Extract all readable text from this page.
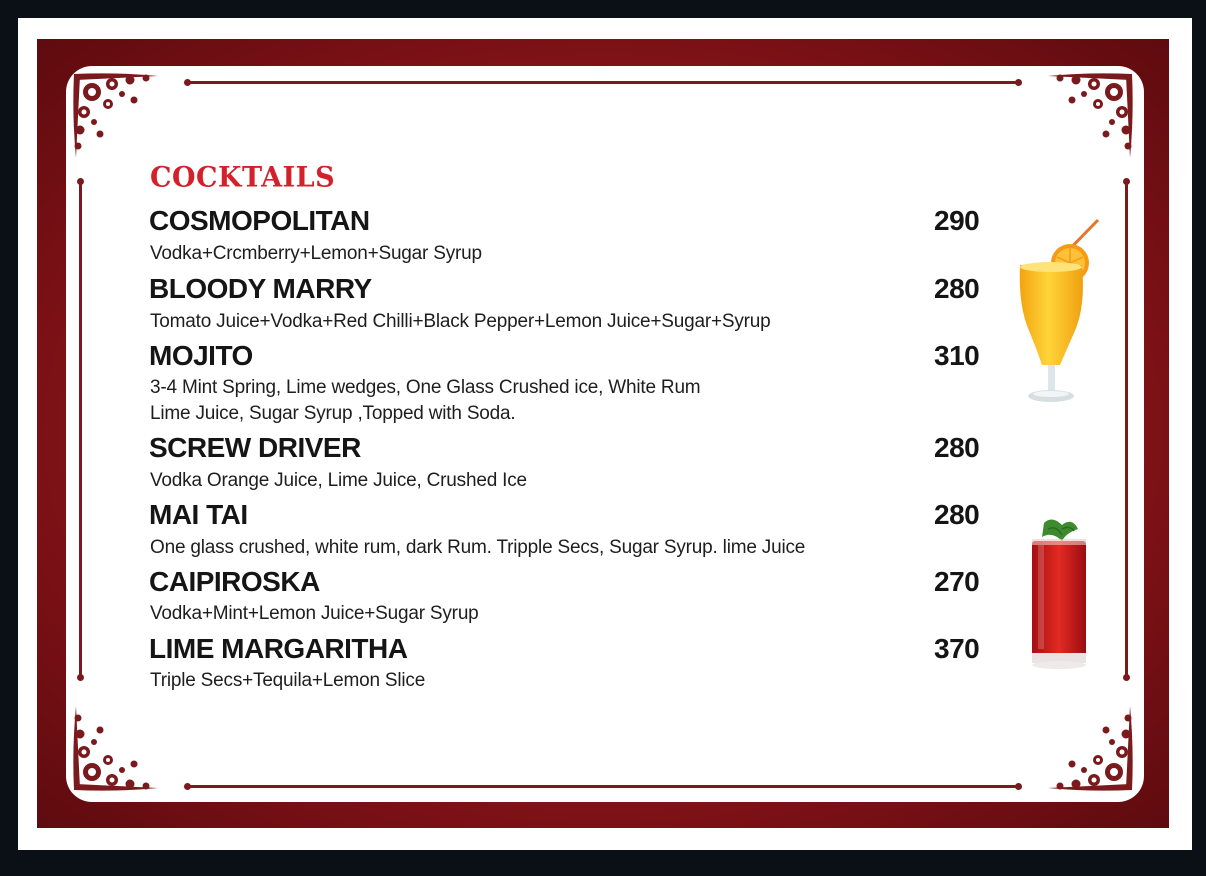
COCKTAILS
COSMOPOLITAN	290
Vodka+Crcmberry+Lemon+Sugar Syrup
BLOODY MARRY	280
Tomato Juice+Vodka+Red Chilli+Black Pepper+Lemon Juice+Sugar+Syrup
MOJITO	310
3-4 Mint Spring, Lime wedges, One Glass Crushed ice, White Rum
Lime Juice, Sugar Syrup ,Topped with Soda.
SCREW DRIVER	280
Vodka Orange Juice, Lime Juice, Crushed Ice
MAI TAI	280
One glass crushed, white rum, dark Rum. Tripple Secs, Sugar Syrup. lime Juice
CAIPIROSKA	270
Vodka+Mint+Lemon Juice+Sugar Syrup
LIME MARGARITHA	370
Triple Secs+Tequila+Lemon Slice
